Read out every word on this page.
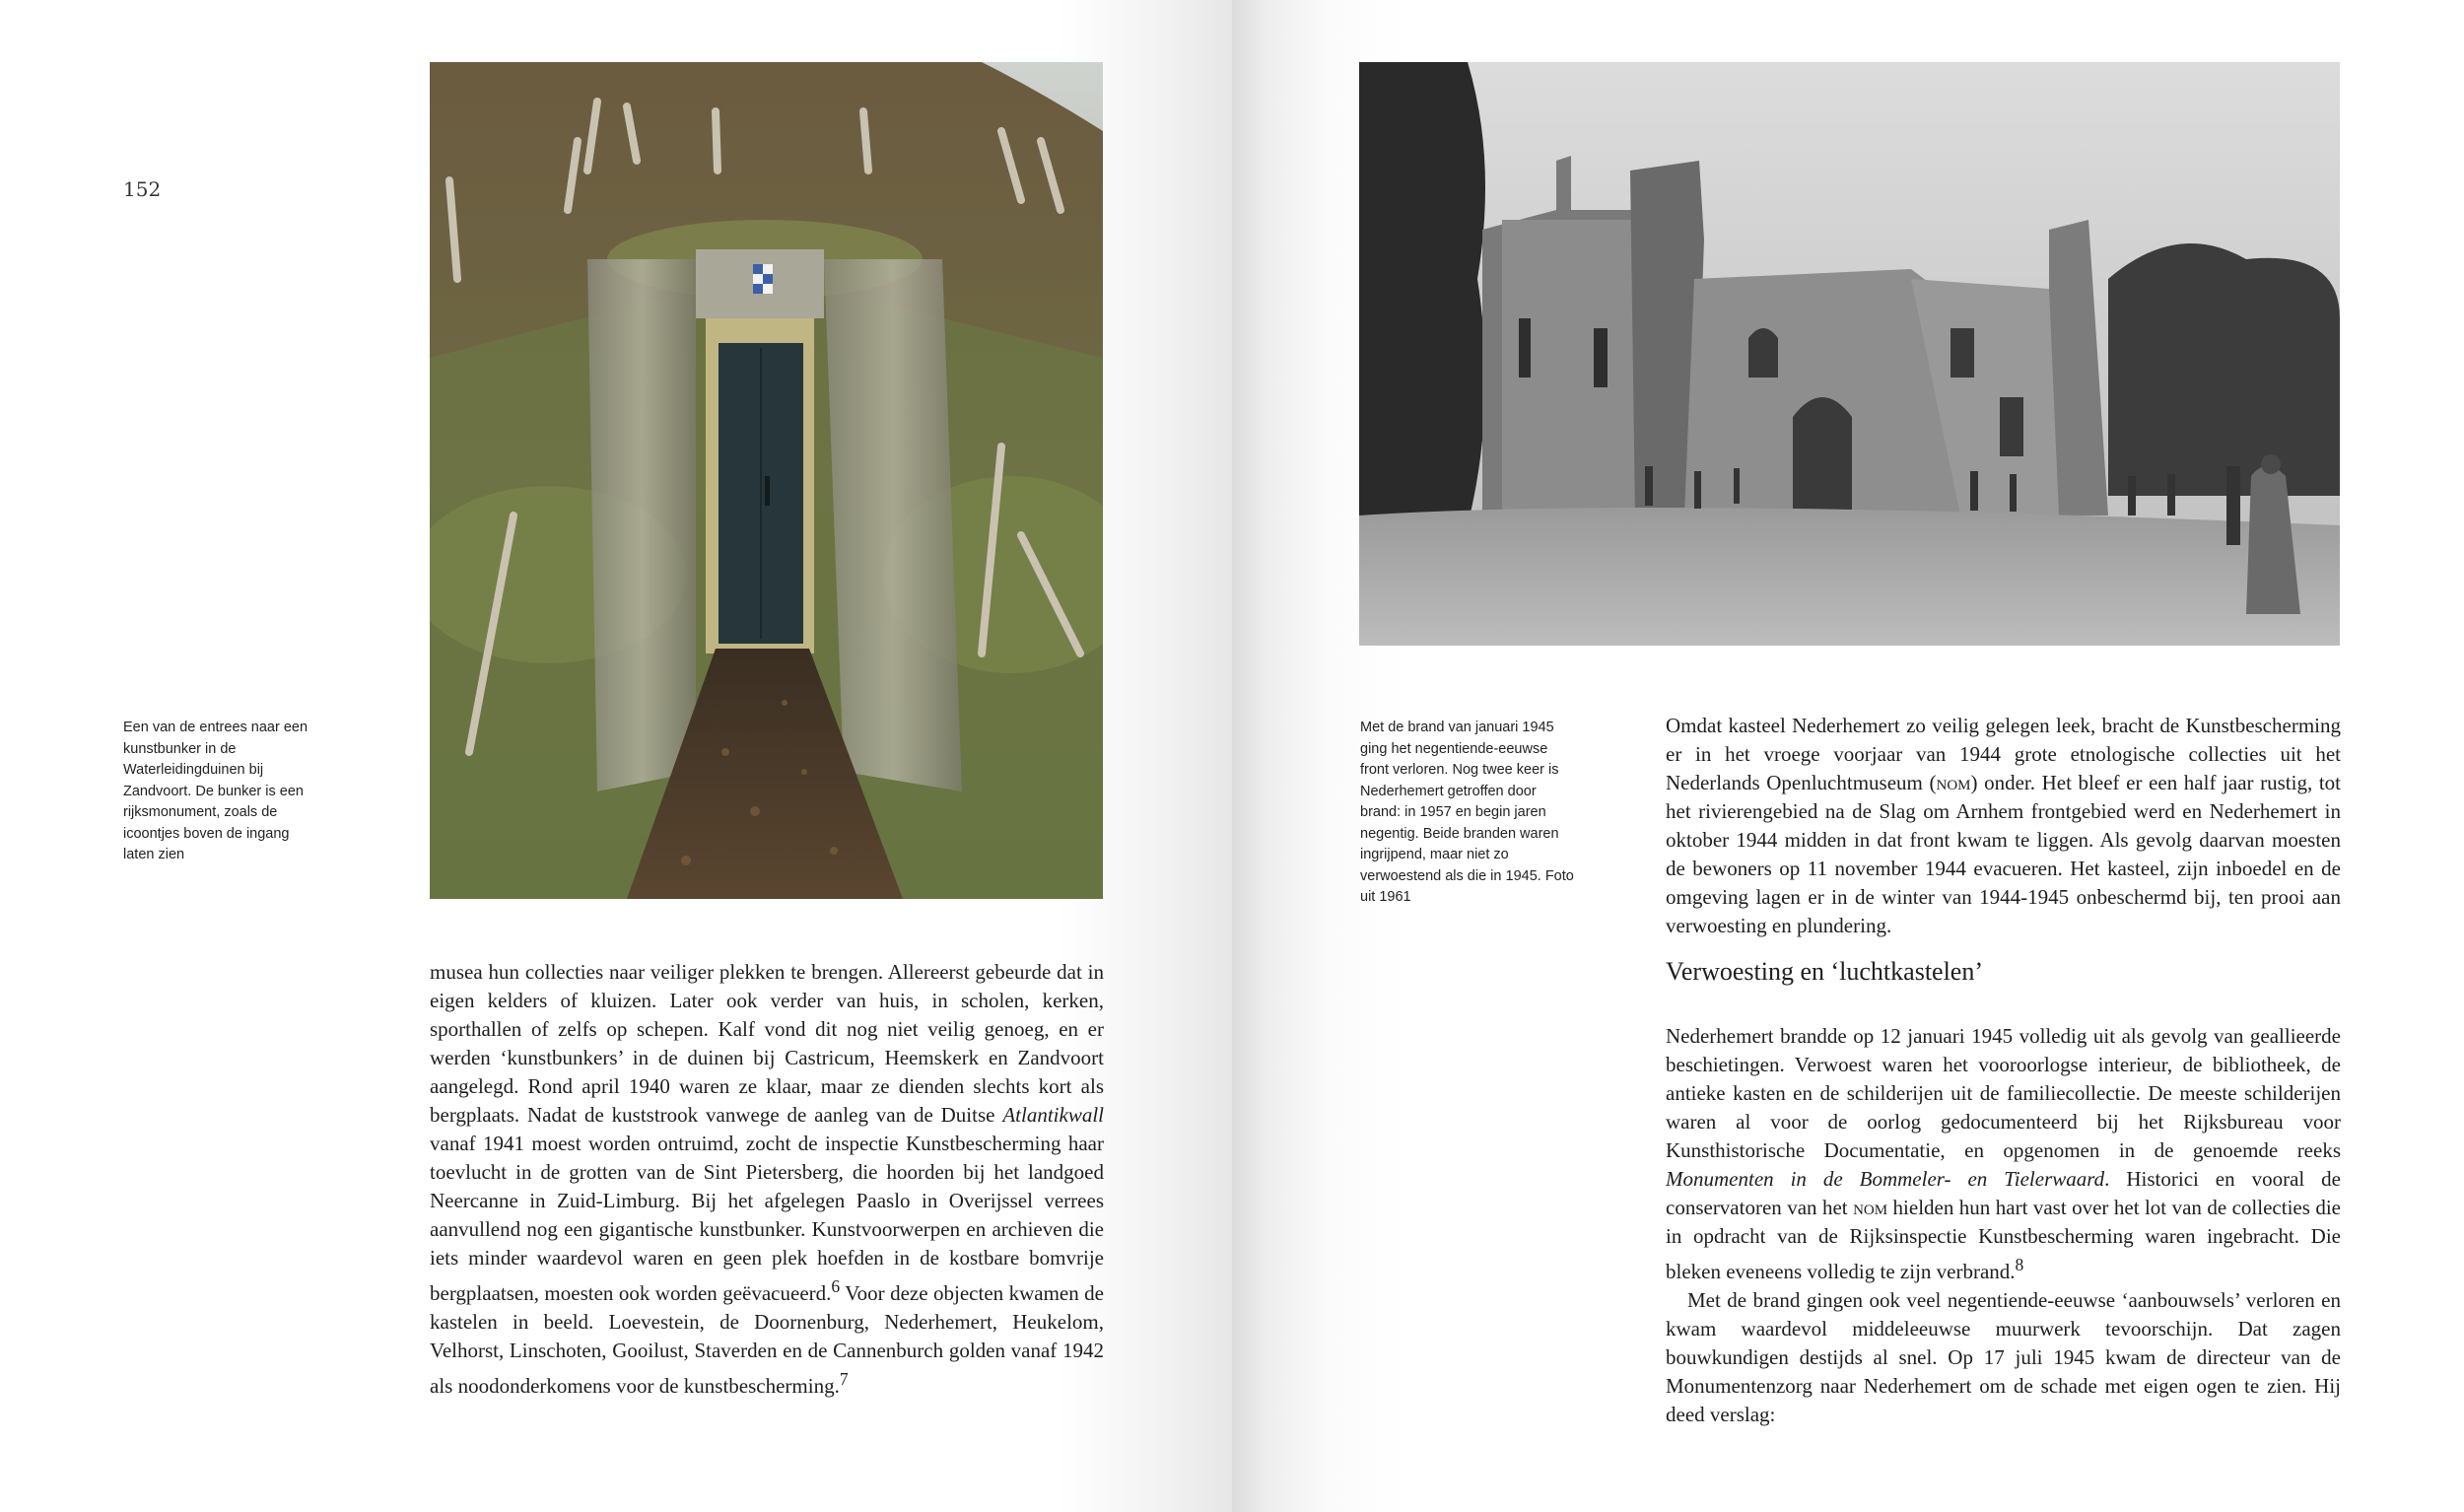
152
Een van de entrees naar een kunstbunker in de Waterleidingduinen bij Zandvoort. De bunker is een rijksmonument, zoals de icoontjes boven de ingang laten zien

musea hun collecties naar veiliger plekken te brengen. Allereerst gebeurde dat in eigen kelders of kluizen. Later ook verder van huis, in scholen, kerken, sporthallen of zelfs op schepen. Kalf vond dit nog niet veilig genoeg, en er werden ‘kunstbunkers’ in de duinen bij Castricum, Heemskerk en Zandvoort aangelegd. Rond april 1940 waren ze klaar, maar ze dienden slechts kort als bergplaats. Nadat de kuststrook vanwege de aanleg van de Duitse Atlantikwall vanaf 1941 moest worden ontruimd, zocht de inspectie Kunstbescherming haar toevlucht in de grotten van de Sint Pietersberg, die hoorden bij het landgoed Neercanne in Zuid-Limburg. Bij het afgelegen Paaslo in Overijssel verrees aanvullend nog een gigantische kunstbunker. Kunstvoorwerpen en archieven die iets minder waardevol waren en geen plek hoefden in de kostbare bomvrije bergplaatsen, moesten ook worden geëvacueerd.$^6$ Voor deze objecten kwamen de kastelen in beeld. Loevestein, de Doornenburg, Nederhemert, Heukelom, Velhorst, Linschoten, Gooilust, Staverden en de Cannenburch golden vanaf 1942 als noodonderkomens voor de kunstbescherming.$^7$

Met de brand van januari 1945 ging het negentiende-eeuwse front verloren. Nog twee keer is Nederhemert getroffen door brand: in 1957 en begin jaren negentig. Beide branden waren ingrijpend, maar niet zo verwoestend als die in 1945. Foto uit 1961

Omdat kasteel Nederhemert zo veilig gelegen leek, bracht de Kunstbescherming er in het vroege voorjaar van 1944 grote etnologische collecties uit het Nederlands Openluchtmuseum (nom) onder. Het bleef er een half jaar rustig, tot het rivierengebied na de Slag om Arnhem frontgebied werd en Nederhemert in oktober 1944 midden in dat front kwam te liggen. Als gevolg daarvan moesten de bewoners op 11 november 1944 evacueren. Het kasteel, zijn inboedel en de omgeving lagen er in de winter van 1944-1945 onbeschermd bij, ten prooi aan verwoesting en plundering.

Verwoesting en ‘luchtkastelen’

Nederhemert brandde op 12 januari 1945 volledig uit als gevolg van geallieerde beschietingen. Verwoest waren het vooroorlogse interieur, de bibliotheek, de antieke kasten en de schilderijen uit de familiecollectie. De meeste schilderijen waren al voor de oorlog gedocumenteerd bij het Rijksbureau voor Kunsthistorische Documentatie, en opgenomen in de genoemde reeks Monumenten in de Bommeler- en Tielerwaard. Historici en vooral de conservatoren van het nom hielden hun hart vast over het lot van de collecties die in opdracht van de Rijksinspectie Kunstbescherming waren ingebracht. Die bleken eveneens volledig te zijn verbrand.$^8$
Met de brand gingen ook veel negentiende-eeuwse ‘aanbouwsels’ verloren en kwam waardevol middeleeuwse muurwerk tevoorschijn. Dat zagen bouwkundigen destijds al snel. Op 17 juli 1945 kwam de directeur van de Monumentenzorg naar Nederhemert om de schade met eigen ogen te zien. Hij deed verslag:
